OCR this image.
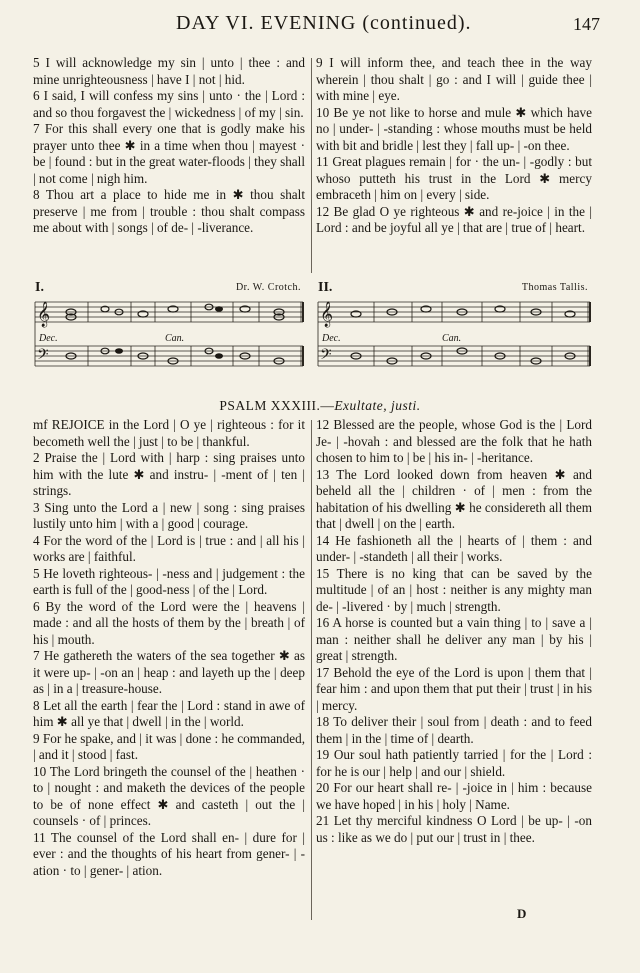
DAY VI. EVENING (continued).	147

5 I will acknowledge my sin | unto | thee : and mine unrighteousness | have I | not | hid.

6 I said, I will confess my sins | unto · the | Lord : and so thou forgavest the | wickedness | of my | sin.

7 For this shall every one that is godly make his prayer unto thee ✱ in a time when thou | mayest · be | found : but in the great water-floods | they shall | not come | nigh him.

8 Thou art a place to hide me in ✱ thou shalt preserve | me from | trouble : thou shalt compass me about with | songs | of de- | -liverance.

9 I will inform thee, and teach thee in the way wherein | thou shalt | go : and I will | guide thee | with mine | eye.

10 Be ye not like to horse and mule ✱ which have no | under- | -standing : whose mouths must be held with bit and bridle | lest they | fall up- | -on thee.

11 Great plagues remain | for · the un- | -godly : but whoso putteth his trust in the Lord ✱ mercy embraceth | him on | every | side.

12 Be glad O ye righteous ✱ and re-joice | in the | Lord : and be joyful all ye | that are | true of | heart.

I.	Dr. W. Crotch.
𝄞
𝄢
Dec.	Can.
II.	Thomas Tallis.
𝄞
𝄢
Dec.	Can.
PSALM XXXIII.—Exultate, justi.

mf REJOICE in the Lord | O ye | righteous : for it becometh well the | just | to be | thankful.

2 Praise the | Lord with | harp : sing praises unto him with the lute ✱ and instru- | -ment of | ten | strings.

3 Sing unto the Lord a | new | song : sing praises lustily unto him | with a | good | courage.

4 For the word of the | Lord is | true : and | all his | works are | faithful.

5 He loveth righteous- | -ness and | judgement : the earth is full of the | good-ness | of the | Lord.

6 By the word of the Lord were the | heavens | made : and all the hosts of them by the | breath | of his | mouth.

7 He gathereth the waters of the sea together ✱ as it were up- | -on an | heap : and layeth up the | deep as | in a | treasure-house.

8 Let all the earth | fear the | Lord : stand in awe of him ✱ all ye that | dwell | in the | world.

9 For he spake, and | it was | done : he commanded, | and it | stood | fast.

10 The Lord bringeth the counsel of the | heathen · to | nought : and maketh the devices of the people to be of none effect ✱ and casteth | out the | counsels · of | princes.

11 The counsel of the Lord shall en- | dure for | ever : and the thoughts of his heart from gener- | -ation · to | gener- | ation.

12 Blessed are the people, whose God is the | Lord Je- | -hovah : and blessed are the folk that he hath chosen to him to | be | his in- | -heritance.

13 The Lord looked down from heaven ✱ and beheld all the | children · of | men : from the habitation of his dwelling ✱ he considereth all them that | dwell | on the | earth.

14 He fashioneth all the | hearts of | them : and under- | -standeth | all their | works.

15 There is no king that can be saved by the multitude | of an | host : neither is any mighty man de- | -livered · by | much | strength.

16 A horse is counted but a vain thing | to | save a | man : neither shall he deliver any man | by his | great | strength.

17 Behold the eye of the Lord is upon | them that | fear him : and upon them that put their | trust | in his | mercy.

18 To deliver their | soul from | death : and to feed them | in the | time of | dearth.

19 Our soul hath patiently tarried | for the | Lord : for he is our | help | and our | shield.

20 For our heart shall re- | -joice in | him : because we have hoped | in his | holy | Name.

21 Let thy merciful kindness O Lord | be up- | -on us : like as we do | put our | trust in | thee.

D
